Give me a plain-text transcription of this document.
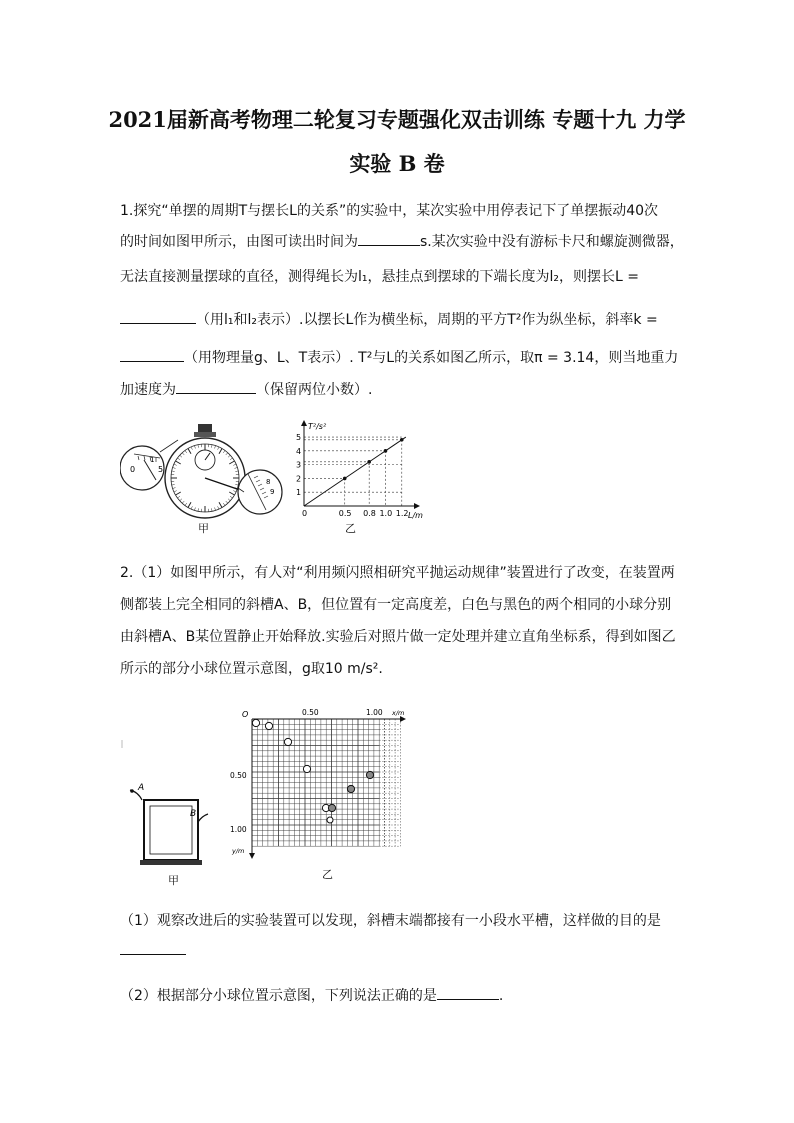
2021届新高考物理二轮复习专题强化双击训练 专题十九 力学
实验 B 卷
1.探究“单摆的周期T与摆长L的关系”的实验中，某次实验中用停表记下了单摆振动40次
的时间如图甲所示，由图可读出时间为	s.某次实验中没有游标卡尺和螺旋测微器，
无法直接测量摆球的直径，测得绳长为l₁，悬挂点到摆球的下端长度为l₂，则摆长L =
（用l₁和l₂表示）.以摆长L作为横坐标，周期的平方T²作为纵坐标，斜率k =
（用物理量g、L、T表示）. T²与L的关系如图乙所示，取π = 3.14，则当地重力
加速度为	（保留两位小数）.
0	5
1
8
9
甲
0	0.5 0.8 1.0 1.2
1
2
3
4
5
T²/s²
L/m
乙
2.（1）如图甲所示，有人对“利用频闪照相研究平抛运动规律”装置进行了改变，在装置两
侧都装上完全相同的斜槽A、B，但位置有一定高度差，白色与黑色的两个相同的小球分别
由斜槽A、B某位置静止开始释放.实验后对照片做一定处理并建立直角坐标系，得到如图乙
所示的部分小球位置示意图，g取10 m/s².
A
B
甲
O	0.50	1.00 x/m
0.50
1.00
y/m
乙
（1）观察改进后的实验装置可以发现，斜槽末端都接有一小段水平槽，这样做的目的是
（2）根据部分小球位置示意图，下列说法正确的是	.
